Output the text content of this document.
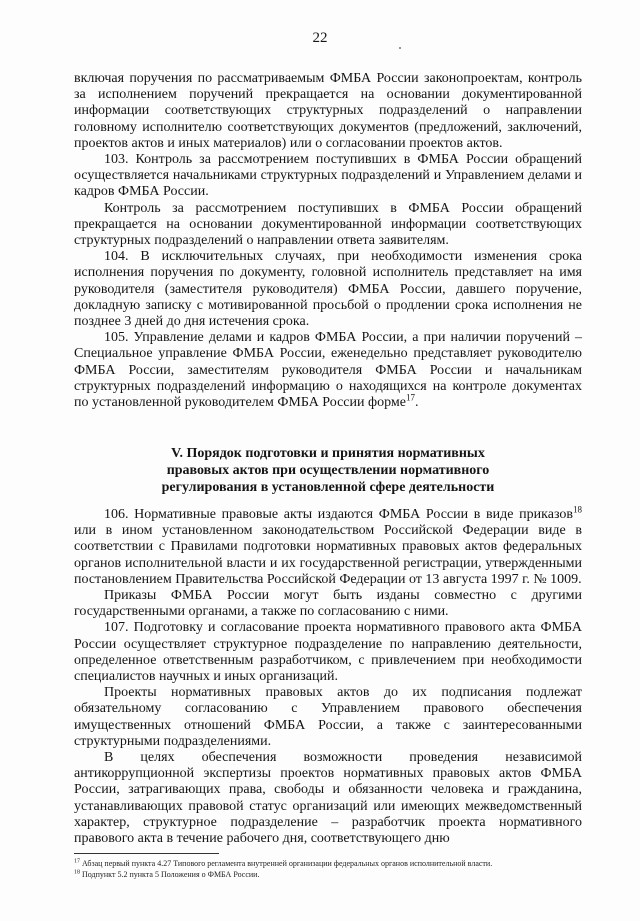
22

включая поручения по рассматриваемым ФМБА России законопроектам, контроль за исполнением поручений прекращается на основании документированной информации соответствующих структурных подразделений о направлении головному исполнителю соответствующих документов (предложений, заключений, проектов актов и иных материалов) или о согласовании проектов актов.

103. Контроль за рассмотрением поступивших в ФМБА России обращений осуществляется начальниками структурных подразделений и Управлением делами и кадров ФМБА России.

Контроль за рассмотрением поступивших в ФМБА России обращений прекращается на основании документированной информации соответствующих структурных подразделений о направлении ответа заявителям.

104. В исключительных случаях, при необходимости изменения срока исполнения поручения по документу, головной исполнитель представляет на имя руководителя (заместителя руководителя) ФМБА России, давшего поручение, докладную записку с мотивированной просьбой о продлении срока исполнения не позднее 3 дней до дня истечения срока.

105. Управление делами и кадров ФМБА России, а при наличии поручений – Специальное управление ФМБА России, еженедельно представляет руководителю ФМБА России, заместителям руководителя ФМБА России и начальникам структурных подразделений информацию о находящихся на контроле документах по установленной руководителем ФМБА России форме$^{17}$.

V. Порядок подготовки и принятия нормативных
правовых актов при осуществлении нормативного
регулирования в установленной сфере деятельности

106. Нормативные правовые акты издаются ФМБА России в виде приказов$^{18}$ или в ином установленном законодательством Российской Федерации виде в соответствии с Правилами подготовки нормативных правовых актов федеральных органов исполнительной власти и их государственной регистрации, утвержденными постановлением Правительства Российской Федерации от 13 августа 1997 г. № 1009.

Приказы ФМБА России могут быть изданы совместно с другими государственными органами, а также по согласованию с ними.

107. Подготовку и согласование проекта нормативного правового акта ФМБА России осуществляет структурное подразделение по направлению деятельности, определенное ответственным разработчиком, с привлечением при необходимости специалистов научных и иных организаций.

Проекты нормативных правовых актов до их подписания подлежат обязательному согласованию с Управлением правового обеспечения имущественных отношений ФМБА России, а также с заинтересованными структурными подразделениями.

В целях обеспечения возможности проведения независимой антикоррупционной экспертизы проектов нормативных правовых актов ФМБА России, затрагивающих права, свободы и обязанности человека и гражданина, устанавливающих правовой статус организаций или имеющих межведомственный характер, структурное подразделение – разработчик проекта нормативного правового акта в течение рабочего дня, соответствующего дню

$^{17}$ Абзац первый пункта 4.27 Типового регламента внутренней организации федеральных органов исполнительной власти.

$^{18}$ Подпункт 5.2 пункта 5 Положения о ФМБА России.
